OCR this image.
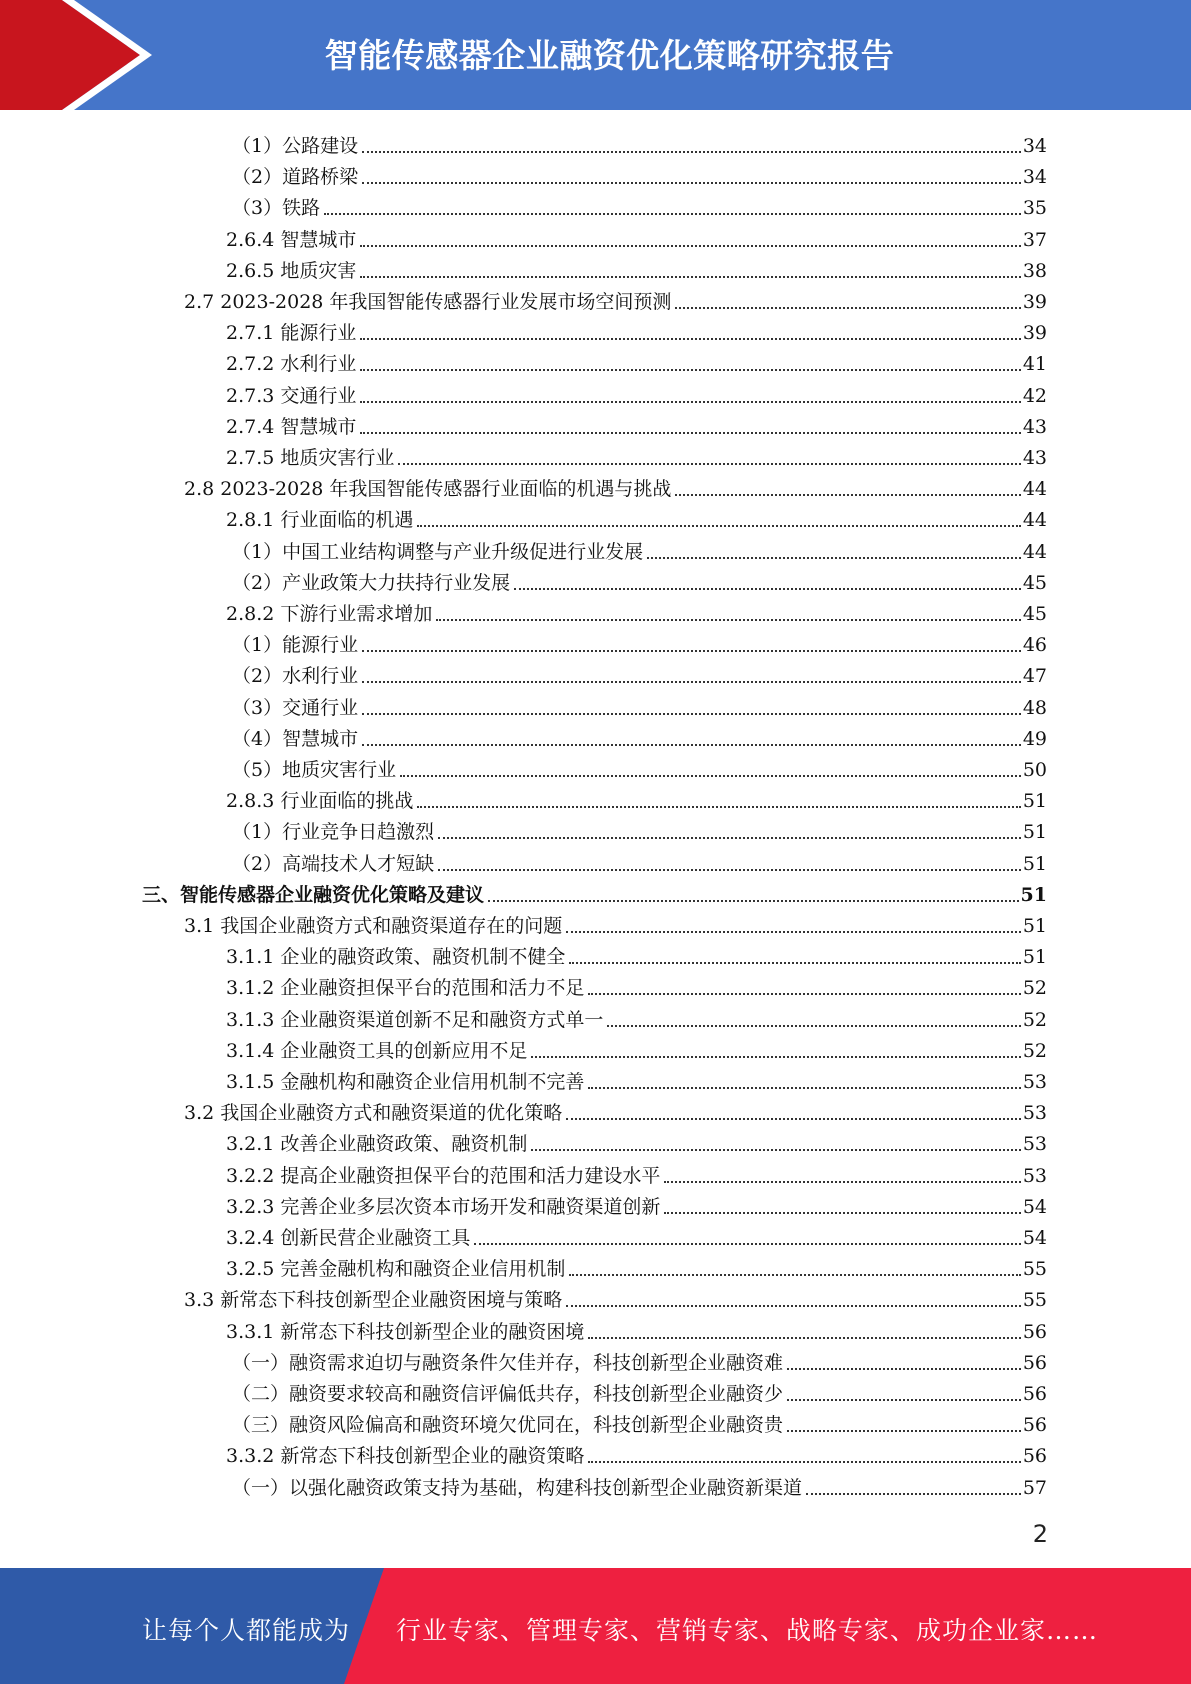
智能传感器企业融资优化策略研究报告
（1）公路建设	34
（2）道路桥梁	34
（3）铁路	35
2.6.4 智慧城市	37
2.6.5 地质灾害	38
2.7 2023-2028 年我国智能传感器行业发展市场空间预测	39
2.7.1 能源行业	39
2.7.2 水利行业	41
2.7.3 交通行业	42
2.7.4 智慧城市	43
2.7.5 地质灾害行业	43
2.8 2023-2028 年我国智能传感器行业面临的机遇与挑战	44
2.8.1 行业面临的机遇	44
（1）中国工业结构调整与产业升级促进行业发展	44
（2）产业政策大力扶持行业发展	45
2.8.2 下游行业需求增加	45
（1）能源行业	46
（2）水利行业	47
（3）交通行业	48
（4）智慧城市	49
（5）地质灾害行业	50
2.8.3 行业面临的挑战	51
（1）行业竞争日趋激烈	51
（2）高端技术人才短缺	51
三、智能传感器企业融资优化策略及建议	51
3.1 我国企业融资方式和融资渠道存在的问题	51
3.1.1 企业的融资政策、融资机制不健全	51
3.1.2 企业融资担保平台的范围和活力不足	52
3.1.3 企业融资渠道创新不足和融资方式单一	52
3.1.4 企业融资工具的创新应用不足	52
3.1.5 金融机构和融资企业信用机制不完善	53
3.2 我国企业融资方式和融资渠道的优化策略	53
3.2.1 改善企业融资政策、融资机制	53
3.2.2 提高企业融资担保平台的范围和活力建设水平	53
3.2.3 完善企业多层次资本市场开发和融资渠道创新	54
3.2.4 创新民营企业融资工具	54
3.2.5 完善金融机构和融资企业信用机制	55
3.3 新常态下科技创新型企业融资困境与策略	55
3.3.1 新常态下科技创新型企业的融资困境	56
（一）融资需求迫切与融资条件欠佳并存，科技创新型企业融资难	56
（二）融资要求较高和融资信评偏低共存，科技创新型企业融资少	56
（三）融资风险偏高和融资环境欠优同在，科技创新型企业融资贵	56
3.3.2 新常态下科技创新型企业的融资策略	56
（一）以强化融资政策支持为基础，构建科技创新型企业融资新渠道	57
2
让每个人都能成为 行业专家、管理专家、营销专家、战略专家、成功企业家……
